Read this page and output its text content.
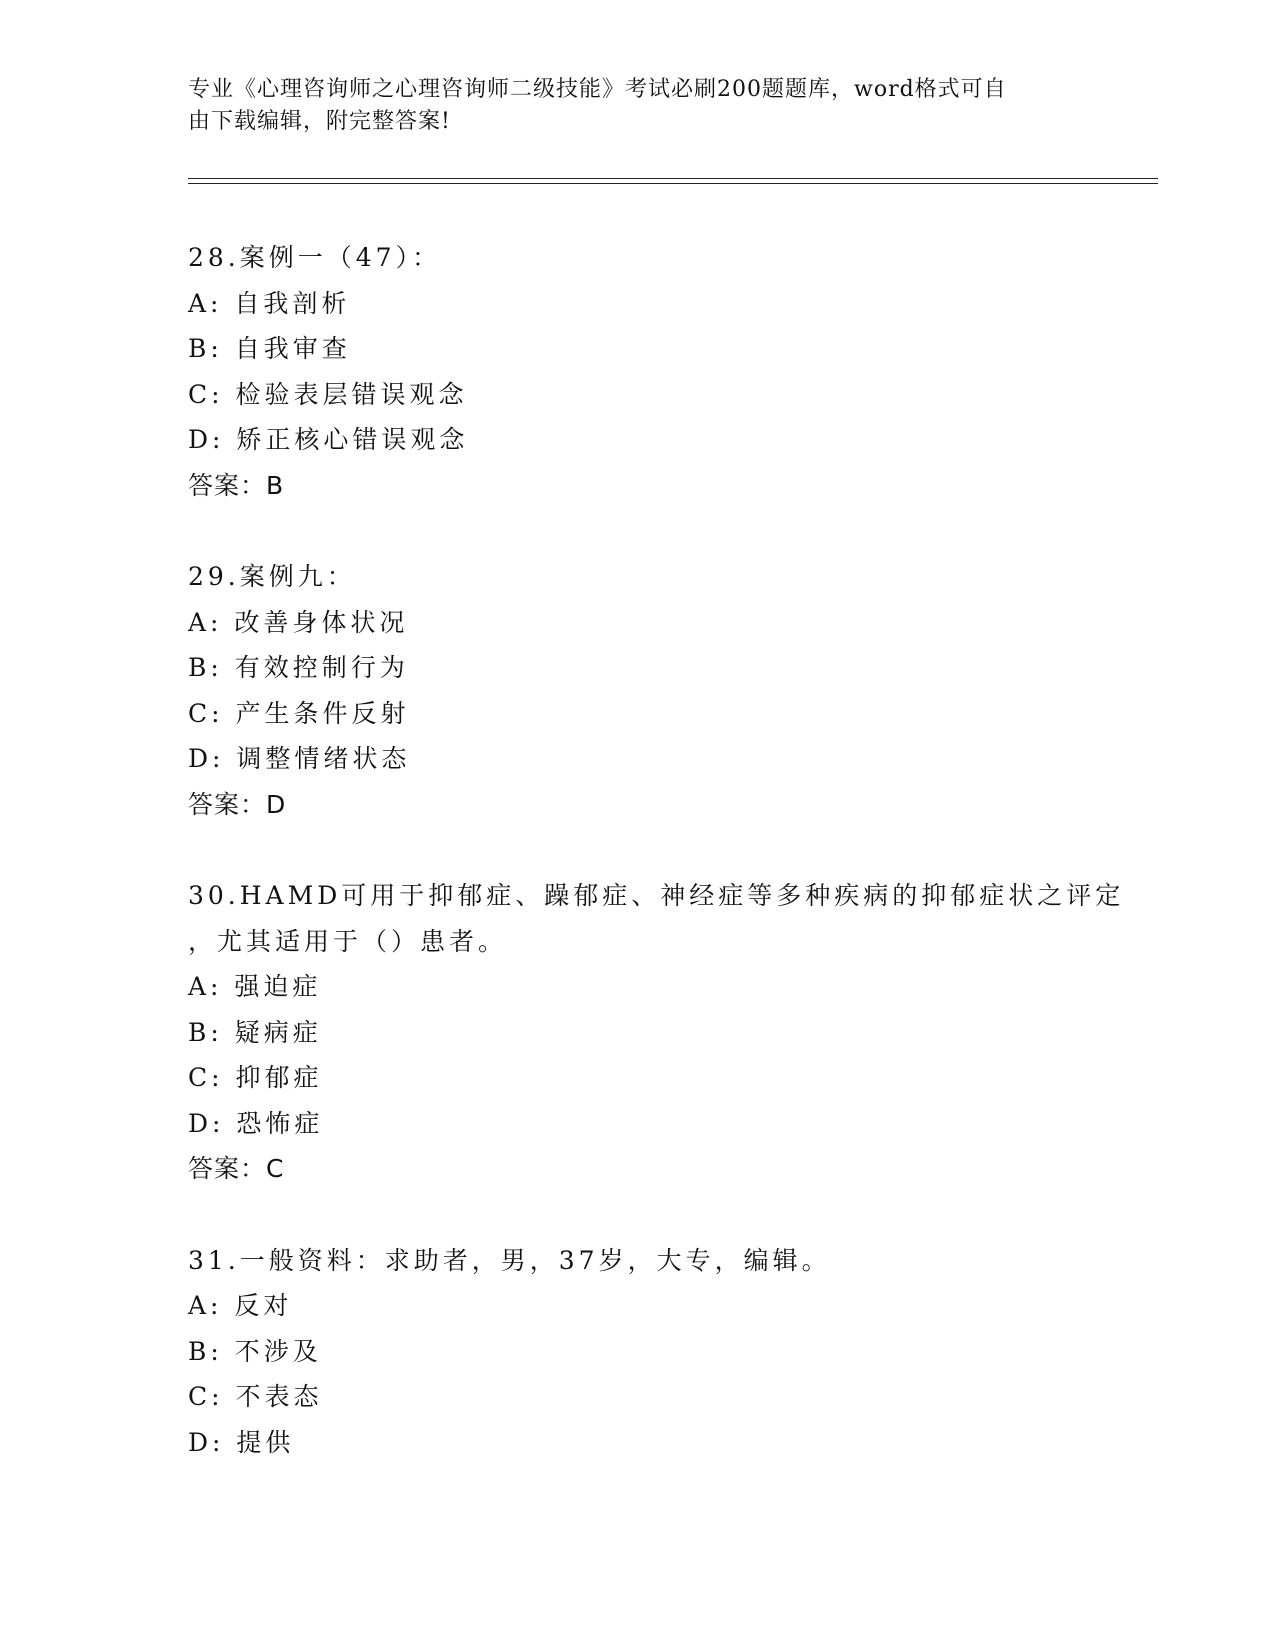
专业《心理咨询师之心理咨询师二级技能》考试必刷200题题库，word格式可自
由下载编辑，附完整答案!
28.案例一（47）：
A: 自我剖析
B: 自我审查
C: 检验表层错误观念
D: 矫正核心错误观念
答案：B
29.案例九：
A: 改善身体状况
B: 有效控制行为
C: 产生条件反射
D: 调整情绪状态
答案：D
30.HAMD可用于抑郁症、躁郁症、神经症等多种疾病的抑郁症状之评定
，尤其适用于（）患者。
A: 强迫症
B: 疑病症
C: 抑郁症
D: 恐怖症
答案：C
31.一般资料：求助者，男，37岁，大专，编辑。
A: 反对
B: 不涉及
C: 不表态
D: 提供
